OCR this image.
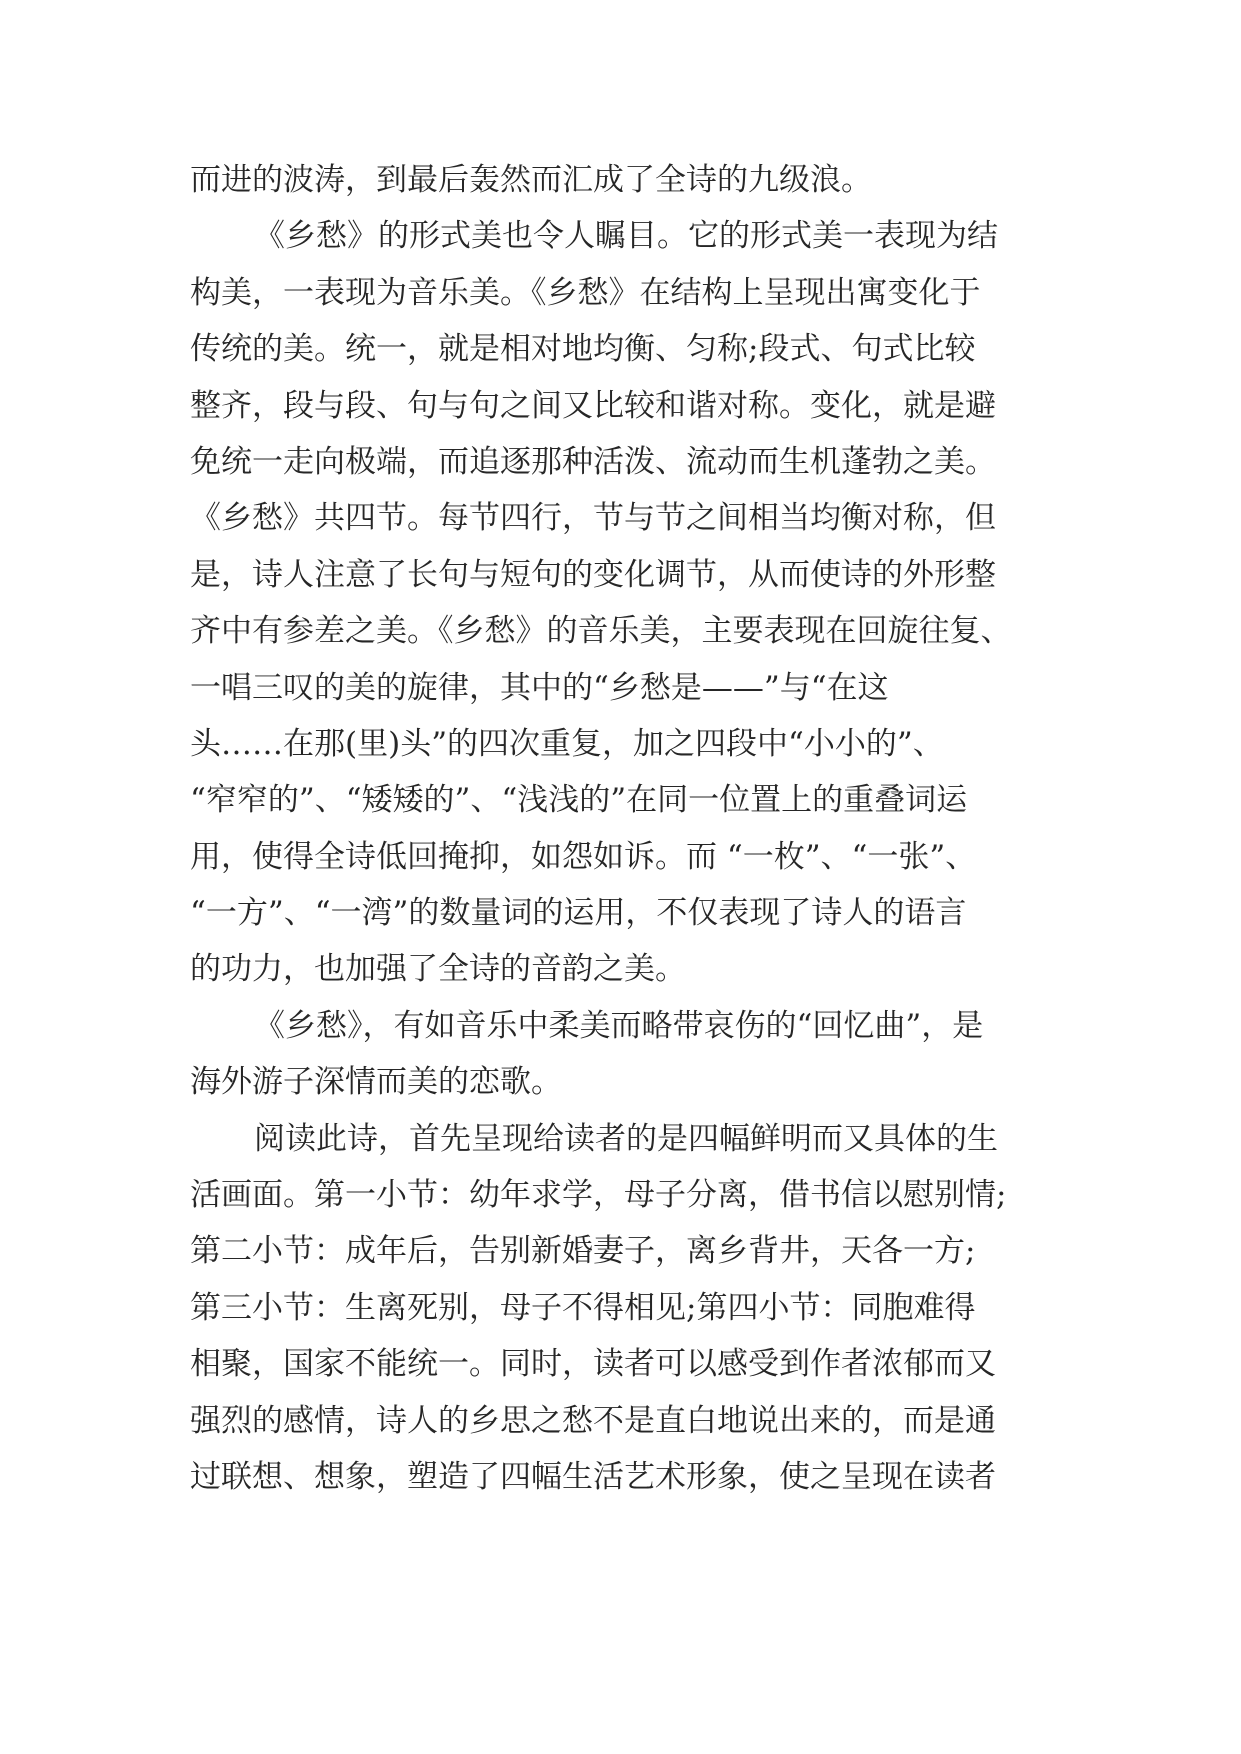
而进的波涛，到最后轰然而汇成了全诗的九级浪。
《乡愁》的形式美也令人瞩目。它的形式美一表现为结
构美，一表现为音乐美。《乡愁》在结构上呈现出寓变化于
传统的美。统一，就是相对地均衡、匀称;段式、句式比较
整齐，段与段、句与句之间又比较和谐对称。变化，就是避
免统一走向极端，而追逐那种活泼、流动而生机蓬勃之美。
《乡愁》共四节。每节四行，节与节之间相当均衡对称，但
是，诗人注意了长句与短句的变化调节，从而使诗的外形整
齐中有参差之美。《乡愁》的音乐美，主要表现在回旋往复、
一唱三叹的美的旋律，其中的“乡愁是——”与“在这
头……在那(里)头”的四次重复，加之四段中“小小的”、
“窄窄的”、“矮矮的”、“浅浅的”在同一位置上的重叠词运
用，使得全诗低回掩抑，如怨如诉。而 “一枚”、“一张”、
“一方”、“一湾”的数量词的运用，不仅表现了诗人的语言
的功力，也加强了全诗的音韵之美。
《乡愁》，有如音乐中柔美而略带哀伤的“回忆曲”，是
海外游子深情而美的恋歌。
阅读此诗，首先呈现给读者的是四幅鲜明而又具体的生
活画面。第一小节：幼年求学，母子分离，借书信以慰别情;
第二小节：成年后，告别新婚妻子，离乡背井，天各一方;
第三小节：生离死别，母子不得相见;第四小节：同胞难得
相聚，国家不能统一。同时，读者可以感受到作者浓郁而又
强烈的感情，诗人的乡思之愁不是直白地说出来的，而是通
过联想、想象，塑造了四幅生活艺术形象，使之呈现在读者
